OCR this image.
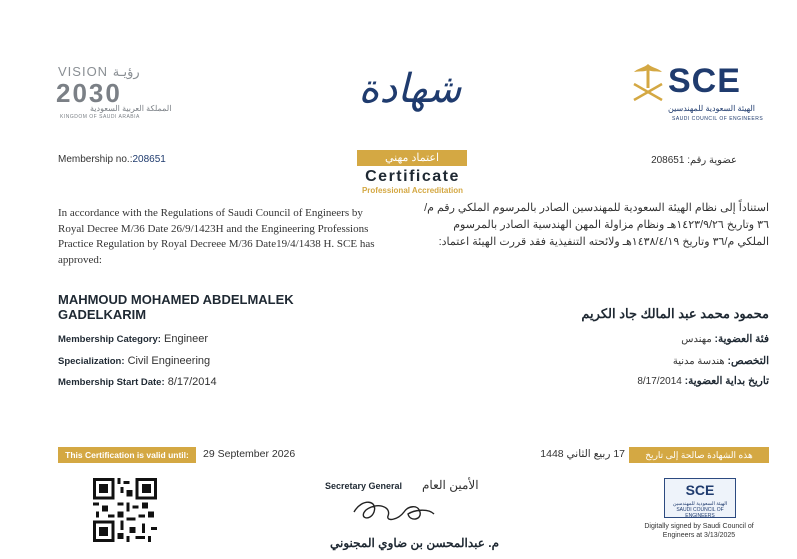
VISION رؤيـة
2030
المملكة العربية السعودية
KINGDOM OF SAUDI ARABIA
SCE
الهيئة السعودية للمهندسين
SAUDI COUNCIL OF ENGINEERS
شهادة
اعتماد مهني
Certificate
Professional Accreditation
Membership no.:208651	عضوية رقم: 208651
In accordance with the Regulations of Saudi Council of Engineers by Royal Decree M/36 Date 26/9/1423H and the Engineering Professions Practice Regulation by Royal Decreee M/36 Date19/4/1438 H. SCE has approved:
استناداً إلى نظام الهيئة السعودية للمهندسين الصادر بالمرسوم الملكي رقم م/٣٦ وتاريخ ١٤٢٣/٩/٢٦هـ ونظام مزاولة المهن الهندسية الصادر بالمرسوم الملكي م/٣٦ وتاريخ ١٤٣٨/٤/١٩هـ ولائحته التنفيذية فقد قررت الهيئة اعتماد:
MAHMOUD MOHAMED ABDELMALEK GADELKARIM	محمود محمد عبد المالك جاد الكريم
Membership Category: Engineer
Specialization: Civil Engineering
Membership Start Date: 8/17/2014
فئة العضوية: مهندس
التخصص: هندسة مدنية
تاريخ بداية العضوية: 8/17/2014
This Certification is valid until:	29 September 2026	هذه الشهادة صالحة إلى تاريخ
17 ربيع الثاني 1448
Secretary General الأمين العام
م. عبدالمحسن بن ضاوي المجنوني
SCE
الهيئة السعودية للمهندسين SAUDI COUNCIL OF ENGINEERS
Digitally signed by Saudi Council of Engineers at 3/13/2025
